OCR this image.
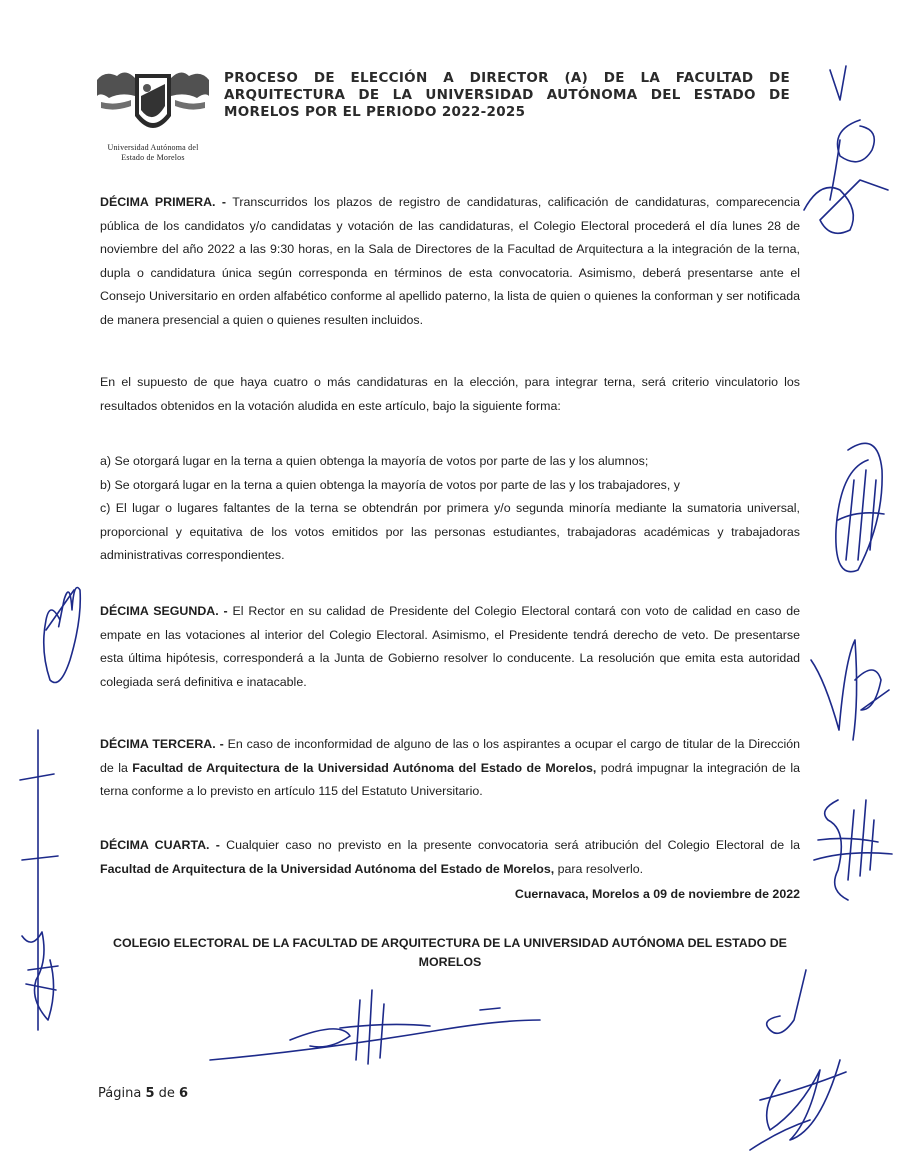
Universidad Autónoma del
Estado de Morelos
PROCESO DE ELECCIÓN A DIRECTOR (A) DE LA FACULTAD DE ARQUITECTURA DE LA UNIVERSIDAD AUTÓNOMA DEL ESTADO DE MORELOS POR EL PERIODO 2022-2025

DÉCIMA PRIMERA. - Transcurridos los plazos de registro de candidaturas, calificación de candidaturas, comparecencia pública de los candidatos y/o candidatas y votación de las candidaturas, el Colegio Electoral procederá el día lunes 28 de noviembre del año 2022 a las 9:30 horas, en la Sala de Directores de la Facultad de Arquitectura a la integración de la terna, dupla o candidatura única según corresponda en términos de esta convocatoria. Asimismo, deberá presentarse ante el Consejo Universitario en orden alfabético conforme al apellido paterno, la lista de quien o quienes la conforman y ser notificada de manera presencial a quien o quienes resulten incluidos.

En el supuesto de que haya cuatro o más candidaturas en la elección, para integrar terna, será criterio vinculatorio los resultados obtenidos en la votación aludida en este artículo, bajo la siguiente forma:

a) Se otorgará lugar en la terna a quien obtenga la mayoría de votos por parte de las y los alumnos;

b) Se otorgará lugar en la terna a quien obtenga la mayoría de votos por parte de las y los trabajadores, y

c) El lugar o lugares faltantes de la terna se obtendrán por primera y/o segunda minoría mediante la sumatoria universal, proporcional y equitativa de los votos emitidos por las personas estudiantes, trabajadoras académicas y trabajadoras administrativas correspondientes.

DÉCIMA SEGUNDA. - El Rector en su calidad de Presidente del Colegio Electoral contará con voto de calidad en caso de empate en las votaciones al interior del Colegio Electoral. Asimismo, el Presidente tendrá derecho de veto. De presentarse esta última hipótesis, corresponderá a la Junta de Gobierno resolver lo conducente. La resolución que emita esta autoridad colegiada será definitiva e inatacable.

DÉCIMA TERCERA. - En caso de inconformidad de alguno de las o los aspirantes a ocupar el cargo de titular de la Dirección de la Facultad de Arquitectura de la Universidad Autónoma del Estado de Morelos, podrá impugnar la integración de la terna conforme a lo previsto en artículo 115 del Estatuto Universitario.

DÉCIMA CUARTA. - Cualquier caso no previsto en la presente convocatoria será atribución del Colegio Electoral de la Facultad de Arquitectura de la Universidad Autónoma del Estado de Morelos, para resolverlo.

Cuernavaca, Morelos a 09 de noviembre de 2022
COLEGIO ELECTORAL DE LA FACULTAD DE ARQUITECTURA DE LA UNIVERSIDAD AUTÓNOMA DEL ESTADO DE MORELOS
Página 5 de 6
